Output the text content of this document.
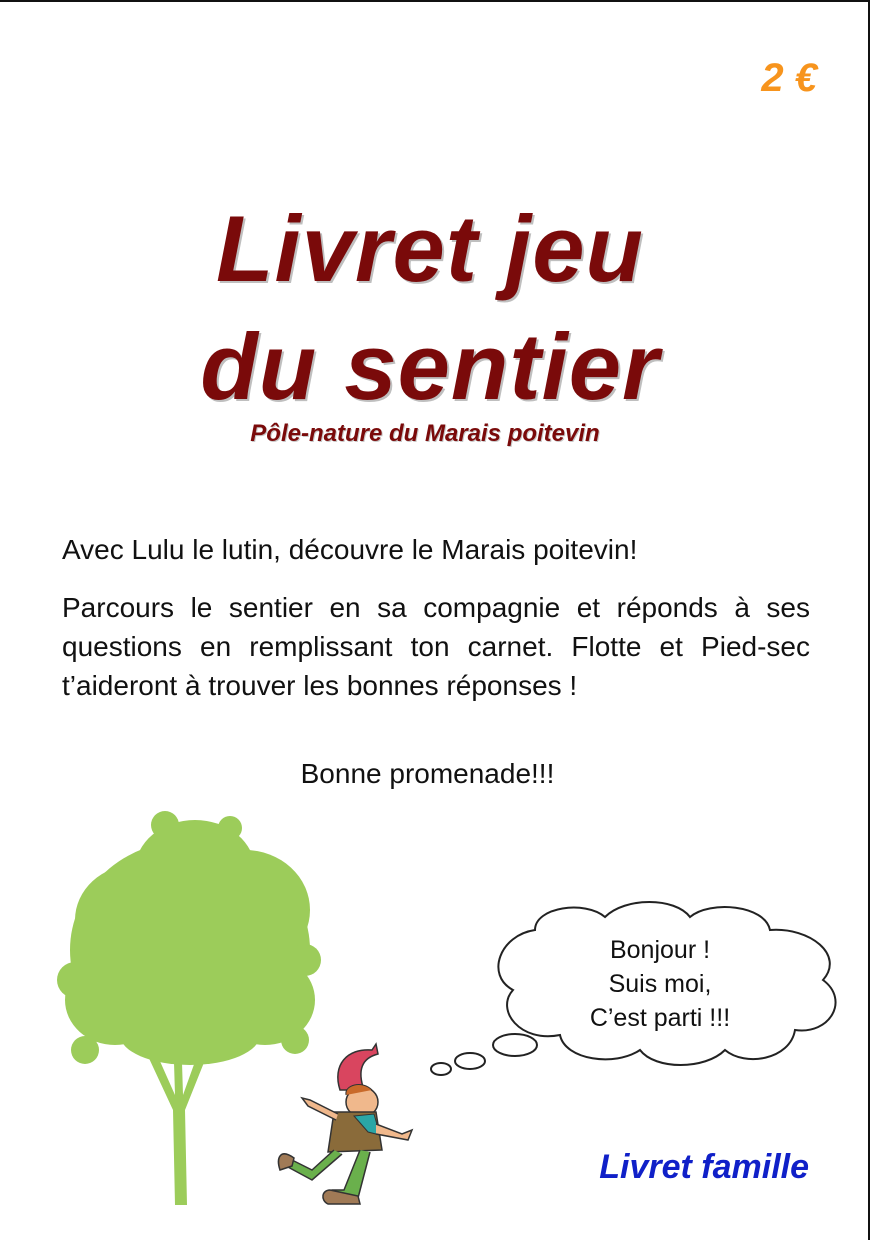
2 €
Livret jeu
du sentier
Pôle-nature du Marais poitevin
Avec Lulu le lutin, découvre le Marais poitevin!
Parcours le sentier en sa compagnie et réponds à ses questions en remplissant ton carnet. Flotte et Pied-sec t’aideront à trouver les bonnes réponses !
Bonne promenade!!!
Bonjour !
Suis moi,
C’est parti !!!
Livret famille
